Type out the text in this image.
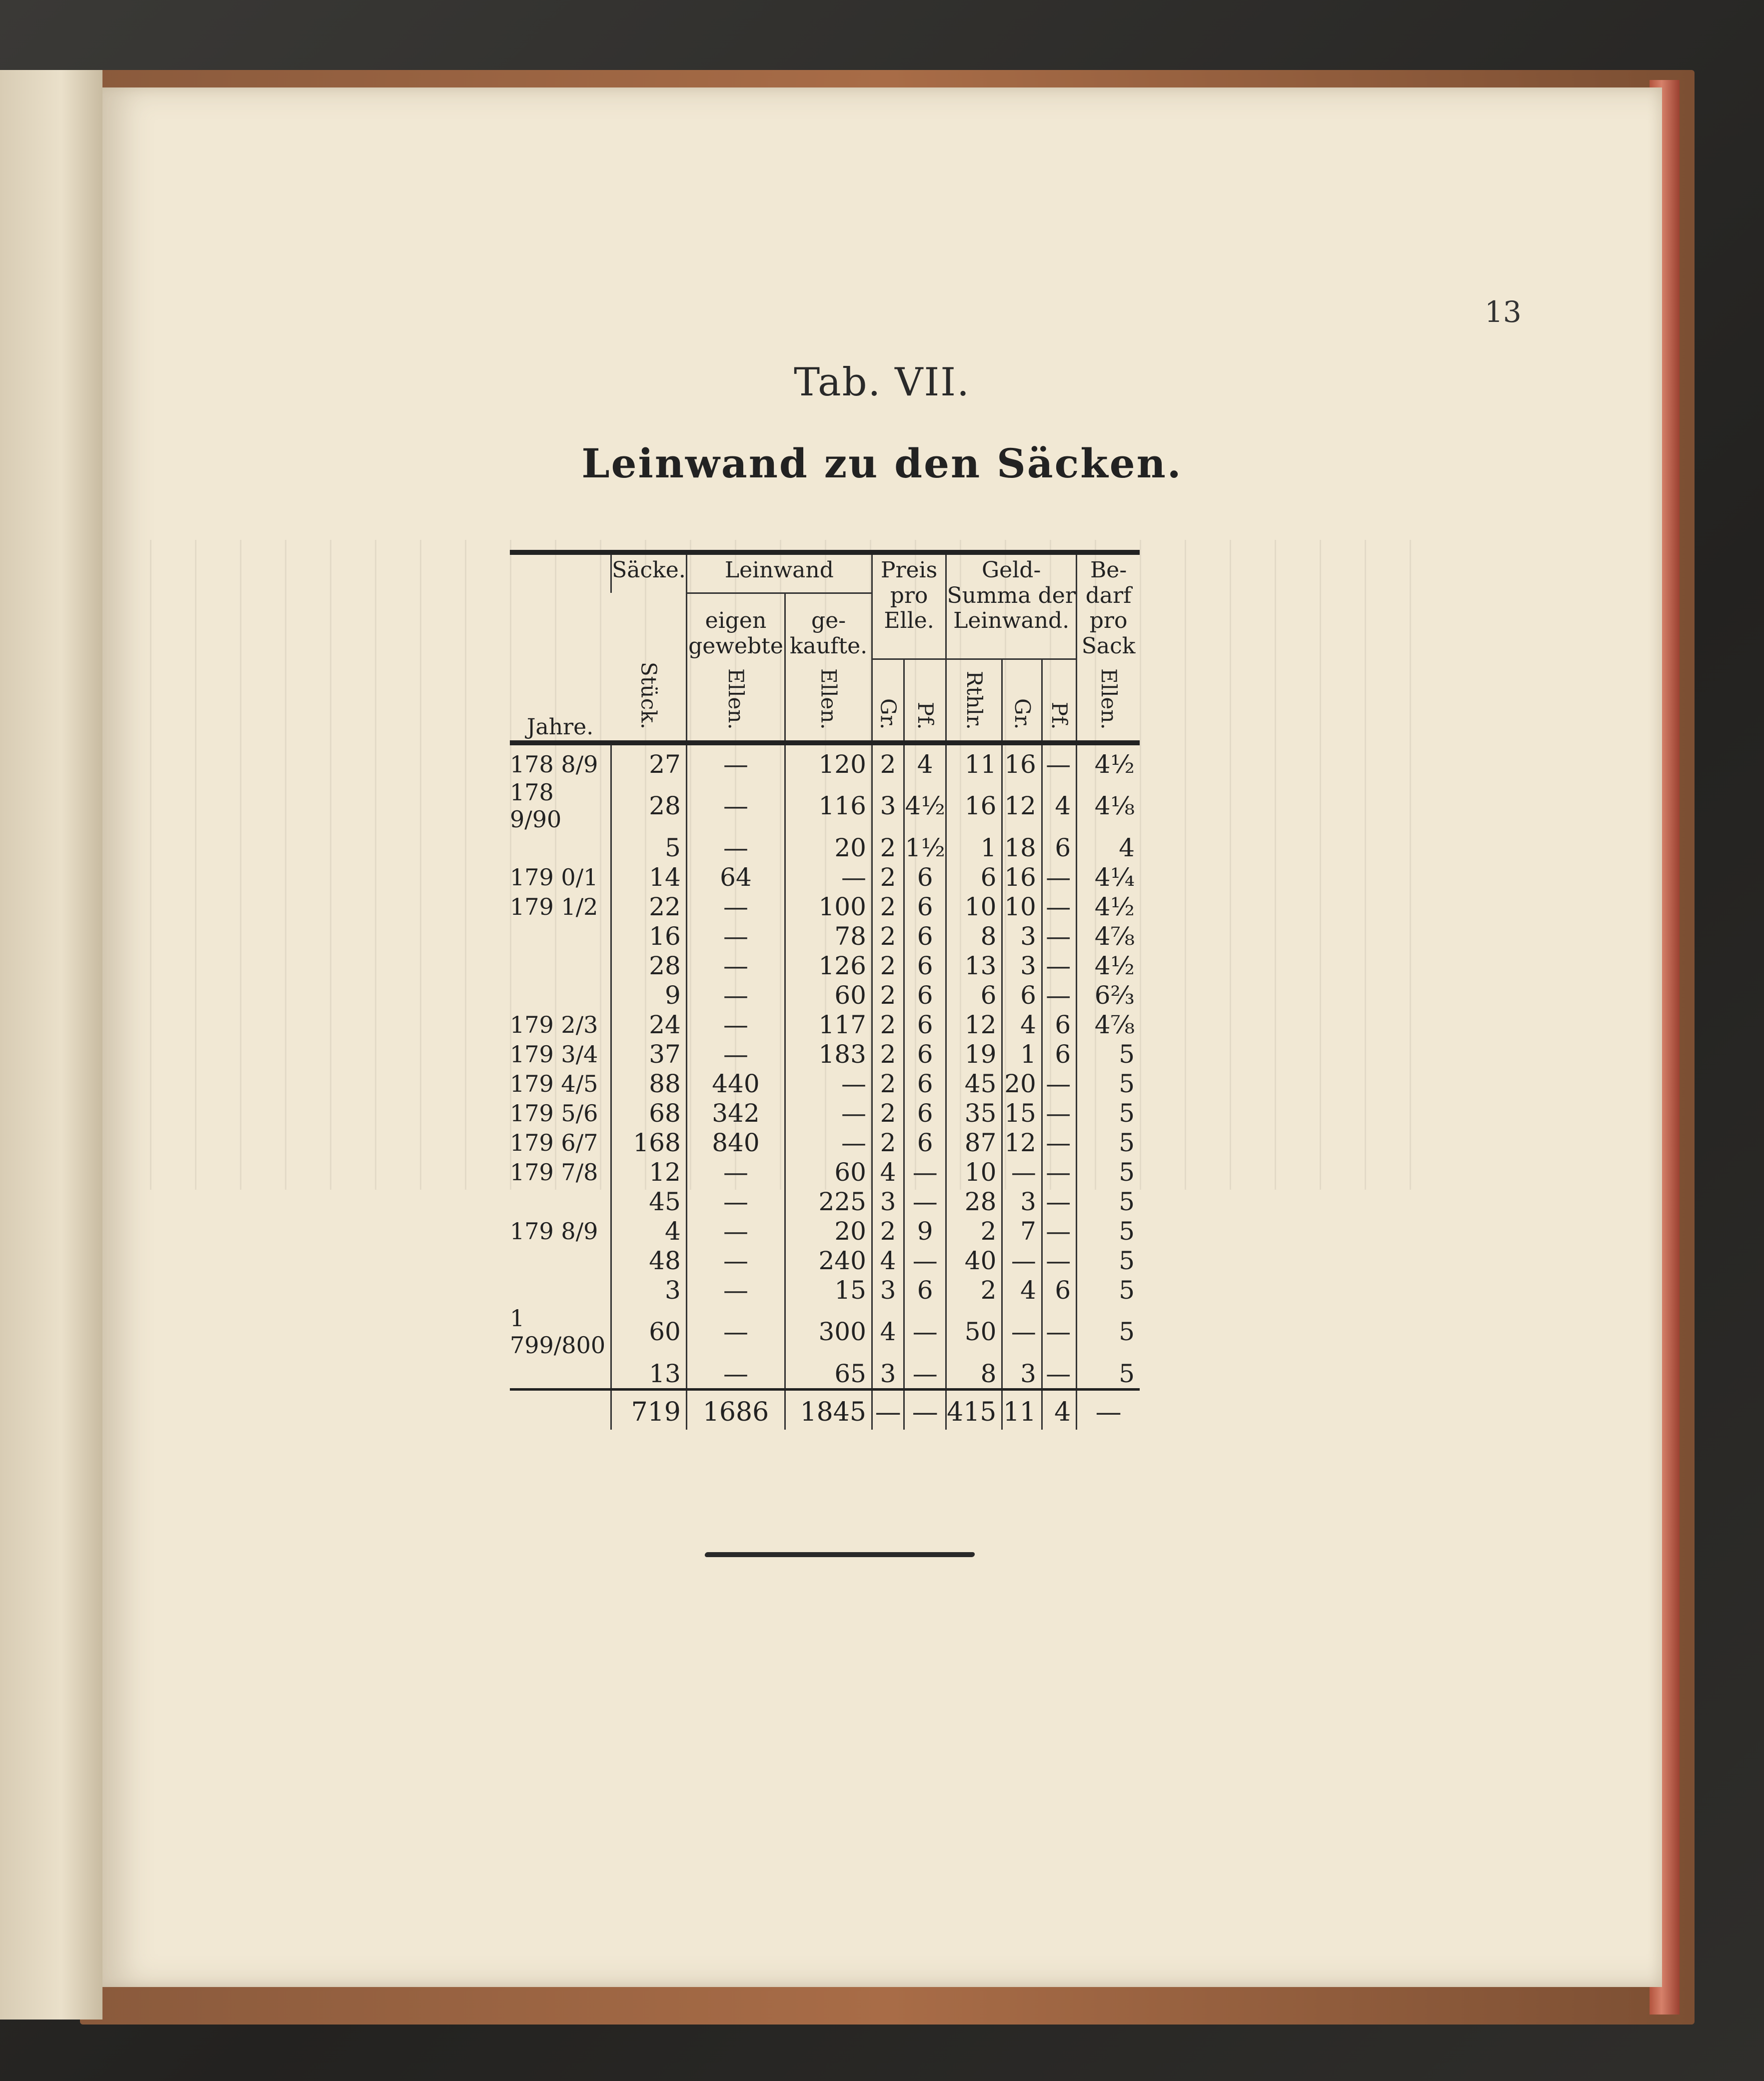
13
Tab. VII.
Leinwand zu den Säcken.
Jahre.	Säcke.	Leinwand		Preis pro Elle.		Geld- Summa der Leinwand.			Be- darf pro Sack
		eigen gewebte	ge- kaufte.						
	Stück.	Ellen.	Ellen.	Gr.	Pf.	Rthlr.	Gr.	Pf.	Ellen.
178 8/9	27	—	120	2	4	11	16	—	4½
178 9/90	28	—	116	3	4½	16	12	4	4⅛
	5	—	20	2	1½	1	18	6	4
179 0/1	14	64	—	2	6	6	16	—	4¼
179 1/2	22	—	100	2	6	10	10	—	4½
	16	—	78	2	6	8	3	—	4⅞
	28	—	126	2	6	13	3	—	4½
	9	—	60	2	6	6	6	—	6⅔
179 2/3	24	—	117	2	6	12	4	6	4⅞
179 3/4	37	—	183	2	6	19	1	6	5
179 4/5	88	440	—	2	6	45	20	—	5
179 5/6	68	342	—	2	6	35	15	—	5
179 6/7	168	840	—	2	6	87	12	—	5
179 7/8	12	—	60	4	—	10	—	—	5
	45	—	225	3	—	28	3	—	5
179 8/9	4	—	20	2	9	2	7	—	5
	48	—	240	4	—	40	—	—	5
	3	—	15	3	6	2	4	6	5
1 799/800	60	—	300	4	—	50	—	—	5
	13	—	65	3	—	8	3	—	5
	719	1686	1845	—	—	415	11	4	—
